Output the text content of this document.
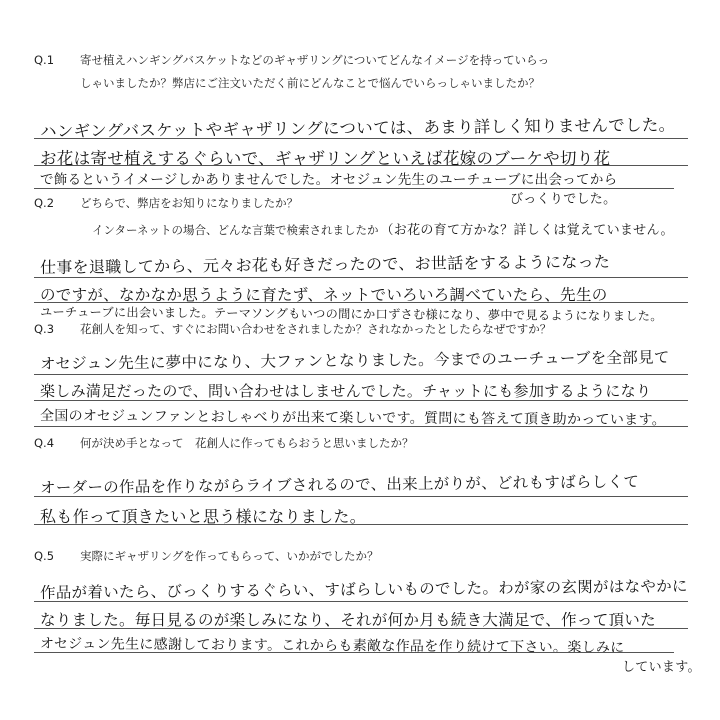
Q.1 寄せ植えハンギングバスケットなどのギャザリングについてどんなイメージを持っていらっ
しゃいましたか？弊店にご注文いただく前にどんなことで悩んでいらっしゃいましたか？
ハンギングバスケットやギャザリングについては、あまり詳しく知りませんでした。
お花は寄せ植えするぐらいで、ギャザリングといえば花嫁のブーケや切り花
で飾るというイメージしかありませんでした。オセジュン先生のユーチューブに出会ってから
びっくりでした。
Q.2 どちらで、弊店をお知りになりましたか？
インターネットの場合、どんな言葉で検索されましたか （お花の育て方かな？詳しくは覚えていません。
仕事を退職してから、元々お花も好きだったので、お世話をするようになった
のですが、なかなか思うように育たず、ネットでいろいろ調べていたら、先生の
ユーチューブに出会いました。テーマソングもいつの間にか口ずさむ様になり、夢中で見るようになりました。
Q.3 花創人を知って、すぐにお問い合わせをされましたか？されなかったとしたらなぜですか？
オセジュン先生に夢中になり、大ファンとなりました。今までのユーチューブを全部見て
楽しみ満足だったので、問い合わせはしませんでした。チャットにも参加するようになり
全国のオセジュンファンとおしゃべりが出来て楽しいです。質問にも答えて頂き助かっています。
Q.4 何が決め手となって　花創人に作ってもらおうと思いましたか？
オーダーの作品を作りながらライブされるので、出来上がりが、どれもすばらしくて
私も作って頂きたいと思う様になりました。
Q.5 実際にギャザリングを作ってもらって、いかがでしたか？
作品が着いたら、びっくりするぐらい、すばらしいものでした。わが家の玄関がはなやかに
なりました。毎日見るのが楽しみになり、それが何か月も続き大満足で、作って頂いた
オセジュン先生に感謝しております。これからも素敵な作品を作り続けて下さい。楽しみに
しています。
